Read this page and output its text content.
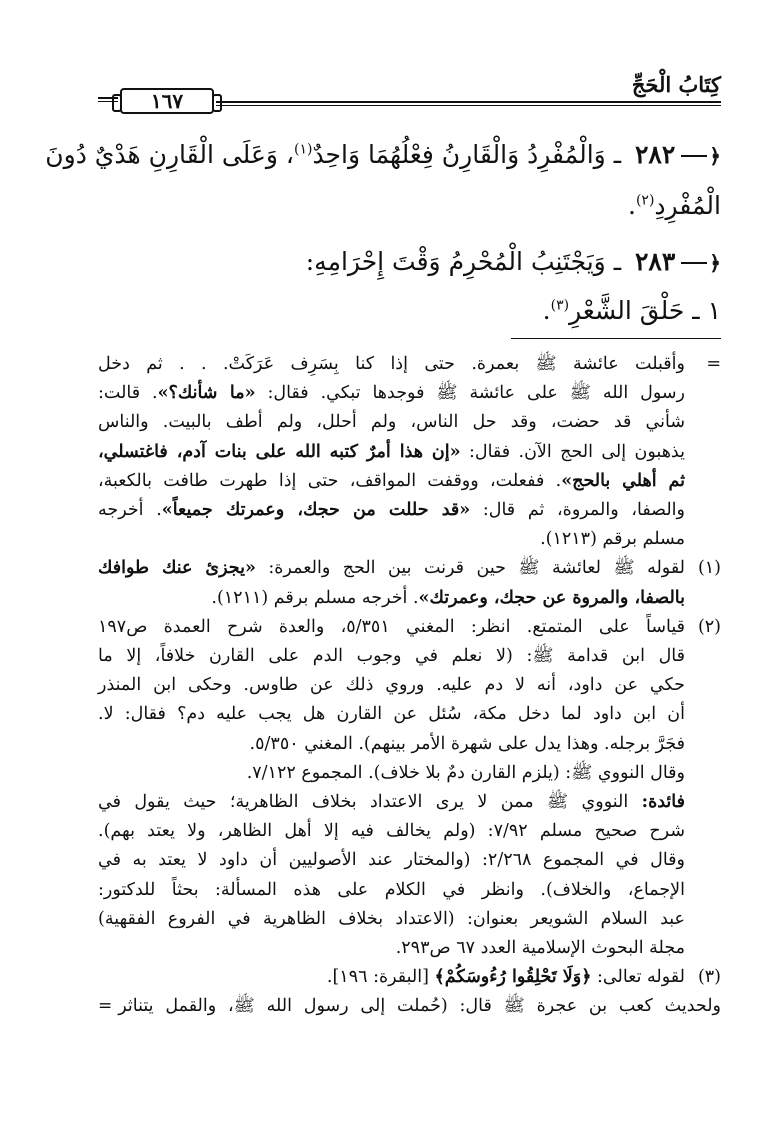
كِتَابُ الْحَجِّ
١٦٧
﴿
٢٨٢ ـ وَالْمُفْرِدُ وَالْقَارِنُ فِعْلُهُمَا وَاحِدٌ$^{(١)}$، وَعَلَى الْقَارِنِ هَدْيٌ دُونَ
الْمُفْرِدِ$^{(٢)}$.
﴿
٢٨٣ ـ وَيَجْتَنِبُ الْمُحْرِمُ وَقْتَ إِحْرَامِهِ:
١ ـ حَلْقَ الشَّعْرِ$^{(٣)}$.
=
وأقبلت عائشة ﷺ بعمرة. حتى إذا كنا بِسَرِف عَرَكَتْ. . . ثم دخل
رسول الله ﷺ على عائشة ﷺ فوجدها تبكي. فقال: «ما شأنك؟». قالت:
شأني قد حضت، وقد حل الناس، ولم أحلل، ولم أطف بالبيت. والناس
يذهبون إلى الحج الآن. فقال: «إن هذا أمرٌ كتبه الله على بنات آدم، فاغتسلي،
ثم أهلي بالحج». ففعلت، ووقفت المواقف، حتى إذا طهرت طافت بالكعبة،
والصفا، والمروة، ثم قال: «قد حللت من حجك، وعمرتك جميعاً». أخرجه
مسلم برقم (١٢١٣).
(١)
لقوله ﷺ لعائشة ﷺ حين قرنت بين الحج والعمرة: «يجزئ عنك طوافك
بالصفا، والمروة عن حجك، وعمرتك». أخرجه مسلم برقم (١٢١١).
(٢)
قياساً على المتمتع. انظر: المغني ٥/٣٥١، والعدة شرح العمدة ص١٩٧
قال ابن قدامة ﷺ: (لا نعلم في وجوب الدم على القارن خلافاً، إلا ما
حكي عن داود، أنه لا دم عليه. وروي ذلك عن طاوس. وحكى ابن المنذر
أن ابن داود لما دخل مكة، سُئل عن القارن هل يجب عليه دم؟ فقال: لا.
فجَرَّ برجله. وهذا يدل على شهرة الأمر بينهم). المغني ٥/٣٥٠.
وقال النووي ﷺ: (يلزم القارن دمٌ بلا خلاف). المجموع ٧/١٢٢.
فائدة: النووي ﷺ ممن لا يرى الاعتداد بخلاف الظاهرية؛ حيث يقول في
شرح صحيح مسلم ٧/٩٢: (ولم يخالف فيه إلا أهل الظاهر، ولا يعتد بهم).
وقال في المجموع ٢/٢٦٨: (والمختار عند الأصوليين أن داود لا يعتد به في
الإجماع، والخلاف). وانظر في الكلام على هذه المسألة: بحثاً للدكتور:
عبد السلام الشويعر بعنوان: (الاعتداد بخلاف الظاهرية في الفروع الفقهية)
مجلة البحوث الإسلامية العدد ٦٧ ص٢٩٣.
(٣)
لقوله تعالى: ﴿وَلَا تَحْلِقُوا رُءُوسَكُمْ﴾ [البقرة: ١٩٦].
ولحديث كعب بن عجرة ﷺ قال: (حُملت إلى رسول الله ﷺ، والقمل يتناثر=
